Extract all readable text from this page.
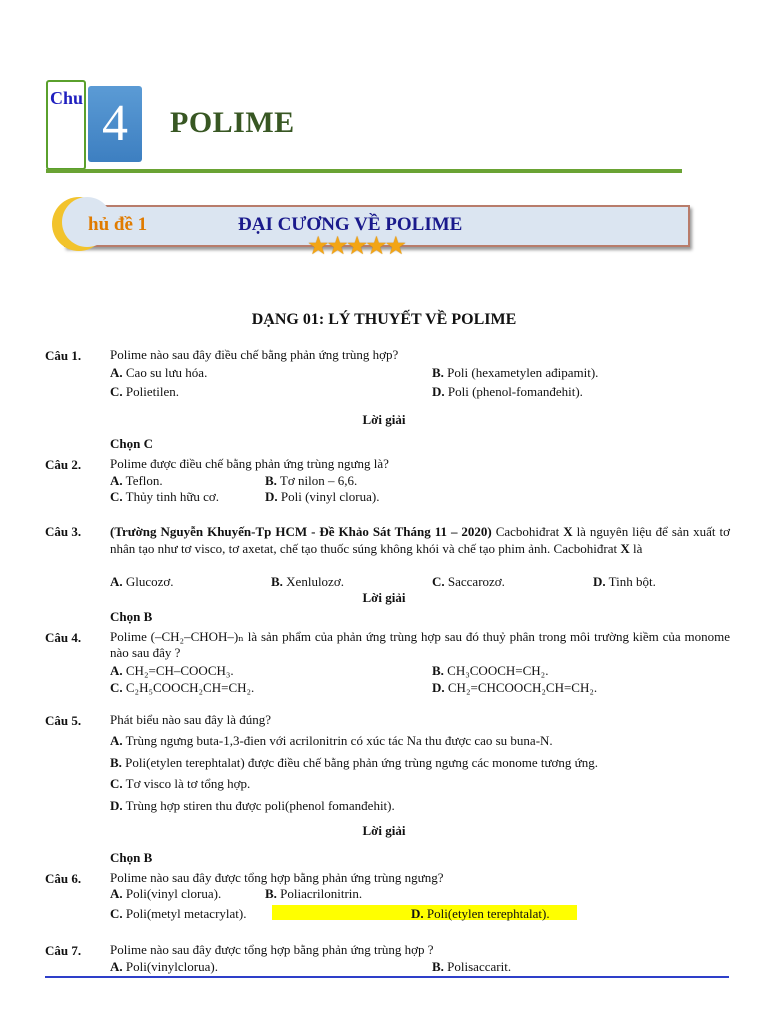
Chu 4	POLIME
hủ đề 1	ĐẠI CƯƠNG VỀ POLIME
★★★★★
DẠNG 01: LÝ THUYẾT VỀ POLIME
Câu 1. Polime nào sau đây điều chế bằng phản ứng trùng hợp?
A. Cao su lưu hóa.	B. Poli (hexametylen ađipamit).
C. Polietilen.	D. Poli (phenol-fomanđehit).
Lời giải
Chọn C
Câu 2. Polime được điều chế bằng phản ứng trùng ngưng là?
A. Teflon.	B. Tơ nilon – 6,6.
C. Thủy tinh hữu cơ.	D. Poli (vinyl clorua).
Câu 3. (Trường Nguyễn Khuyến-Tp HCM - Đề Khảo Sát Tháng 11 – 2020) Cacbohiđrat X là nguyên liệu để sản xuất tơ nhân tạo như tơ visco, tơ axetat, chế tạo thuốc súng không khói và chế tạo phim ảnh. Cacbohiđrat X là
A. Glucozơ.	B. Xenlulozơ.	C. Saccarozơ.	D. Tinh bột.
Lời giải
Chọn B
Câu 4. Polime (–CH₂–CHOH–)ₙ là sản phẩm của phản ứng trùng hợp sau đó thuỷ phân trong môi trường kiềm của monome nào sau đây ?
A. CH₂=CH–COOCH₃.	B. CH₃COOCH=CH₂.
C. C₂H₅COOCH₂CH=CH₂.	D. CH₂=CHCOOCH₂CH=CH₂.
Câu 5. Phát biểu nào sau đây là đúng?
A. Trùng ngưng buta-1,3-đien với acrilonitrin có xúc tác Na thu được cao su buna-N.
B. Poli(etylen terephtalat) được điều chế bằng phản ứng trùng ngưng các monome tương ứng.
C. Tơ visco là tơ tổng hợp.
D. Trùng hợp stiren thu được poli(phenol fomanđehit).
Lời giải
Chọn B
Câu 6. Polime nào sau đây được tổng hợp bằng phản ứng trùng ngưng?
A. Poli(vinyl clorua).	B. Poliacrilonitrin.
C. Poli(metyl metacrylat).	D. Poli(etylen terephtalat).
Câu 7. Polime nào sau đây được tổng hợp bằng phản ứng trùng hợp ?
A. Poli(vinylclorua).	B. Polisaccarit.
